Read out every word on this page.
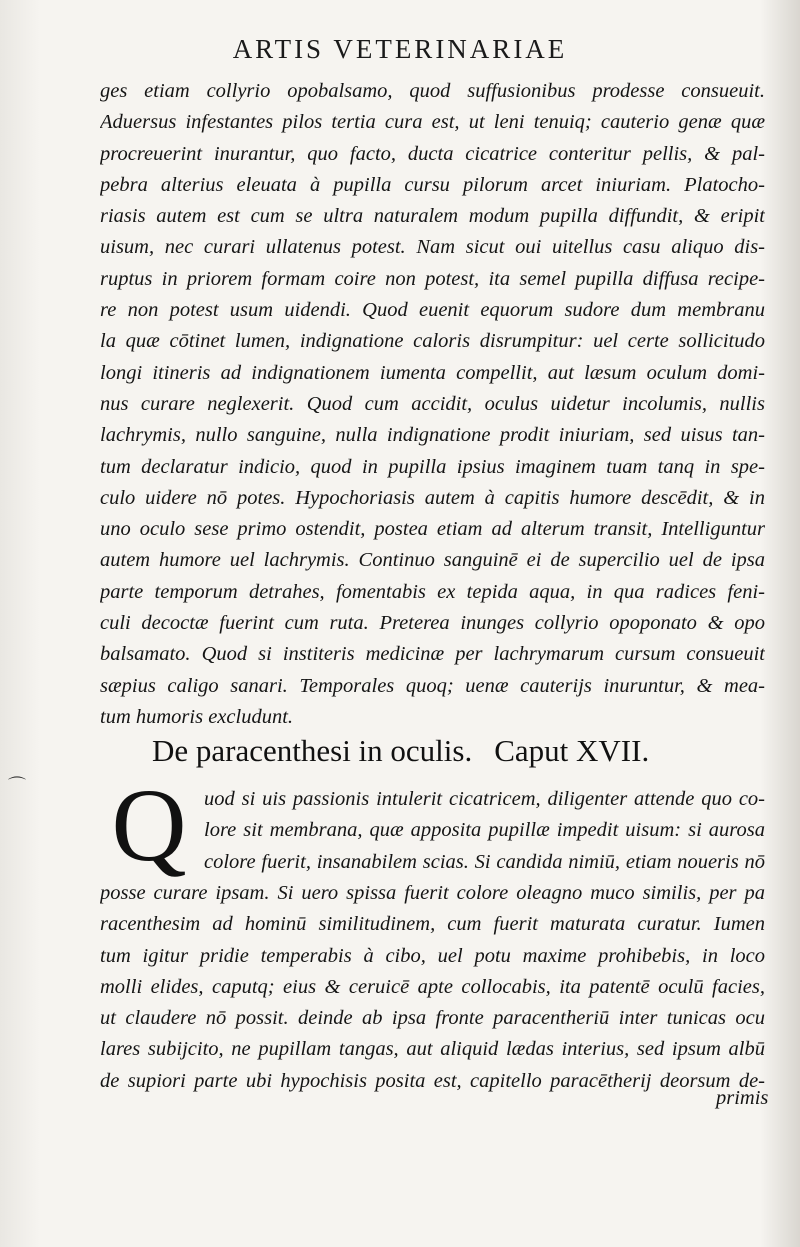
ARTIS VETERINARIAE
ges etiam collyrio opobalsamo, quod suffusionibus prodesse consueuit.
Aduersus infestantes pilos tertia cura est, ut leni tenuiq; cauterio genæ quæ
procreuerint inurantur, quo facto, ducta cicatrice conteritur pellis, & pal-
pebra alterius eleuata à pupilla cursu pilorum arcet iniuriam. Platocho-
riasis autem est cum se ultra naturalem modum pupilla diffundit, & eripit
uisum, nec curari ullatenus potest. Nam sicut oui uitellus casu aliquo dis-
ruptus in priorem formam coire non potest, ita semel pupilla diffusa recipe-
re non potest usum uidendi. Quod euenit equorum sudore dum membranu
la quæ cōtinet lumen, indignatione caloris disrumpitur: uel certe sollicitudo
longi itineris ad indignationem iumenta compellit, aut læsum oculum domi-
nus curare neglexerit. Quod cum accidit, oculus uidetur incolumis, nullis
lachrymis, nullo sanguine, nulla indignatione prodit iniuriam, sed uisus tan-
tum declaratur indicio, quod in pupilla ipsius imaginem tuam tanq in spe-
culo uidere nō potes. Hypochoriasis autem à capitis humore descēdit, & in
uno oculo sese primo ostendit, postea etiam ad alterum transit, Intelliguntur
autem humore uel lachrymis. Continuo sanguinē ei de supercilio uel de ipsa
parte temporum detrahes, fomentabis ex tepida aqua, in qua radices feni-
culi decoctæ fuerint cum ruta. Preterea inunges collyrio opoponato & opo
balsamato. Quod si institeris medicinæ per lachrymarum cursum consueuit
sæpius caligo sanari. Temporales quoq; uenæ cauterijs inuruntur, & mea-
tum humoris excludunt.
De paracenthesi in oculis. Caput XVII.
Q uod si uis passionis intulerit cicatricem, diligenter attende quo co-
lore sit membrana, quæ apposita pupillæ impedit uisum: si aurosa
colore fuerit, insanabilem scias. Si candida nimiū, etiam noueris nō
posse curare ipsam. Si uero spissa fuerit colore oleagno muco similis, per pa
racenthesim ad hominū similitudinem, cum fuerit maturata curatur. Iumen
tum igitur pridie temperabis à cibo, uel potu maxime prohibebis, in loco
molli elides, caputq; eius & ceruicē apte collocabis, ita patentē oculū facies,
ut claudere nō possit. deinde ab ipsa fronte paracentheriū inter tunicas ocu
lares subijcito, ne pupillam tangas, aut aliquid lædas interius, sed ipsum albū
de supiori parte ubi hypochisis posita est, capitello paracētherij deorsum de-
primis
⌒
